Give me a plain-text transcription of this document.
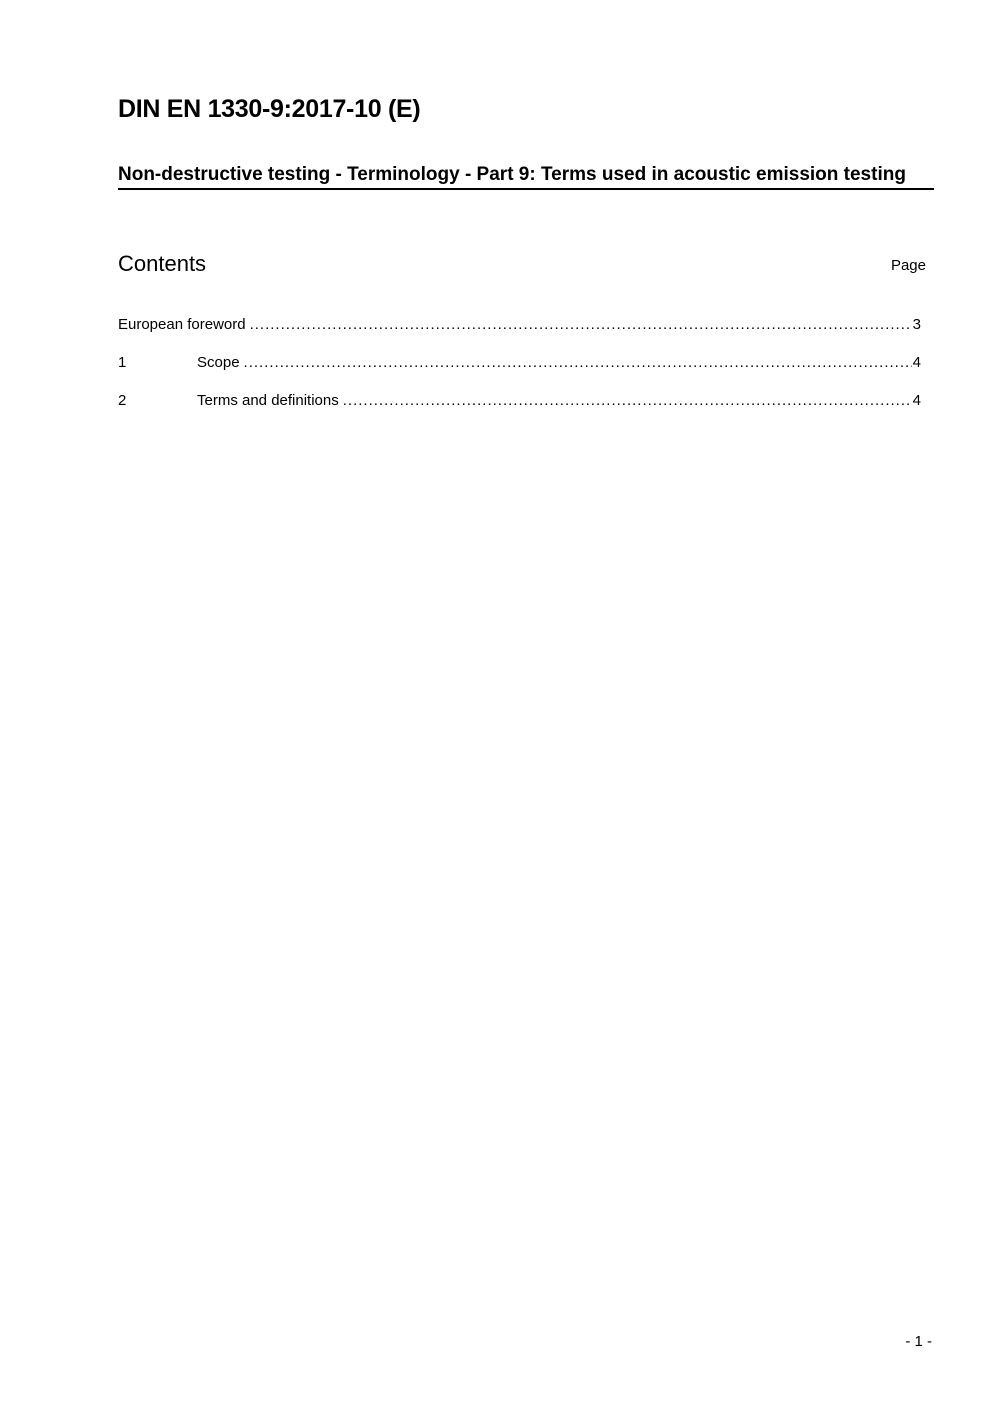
DIN EN 1330-9:2017-10 (E)
Non-destructive testing - Terminology - Part 9: Terms used in acoustic emission testing
Contents	Page
European foreword .....	3
1	Scope .....	4
2	Terms and definitions .....	4
- 1 -
